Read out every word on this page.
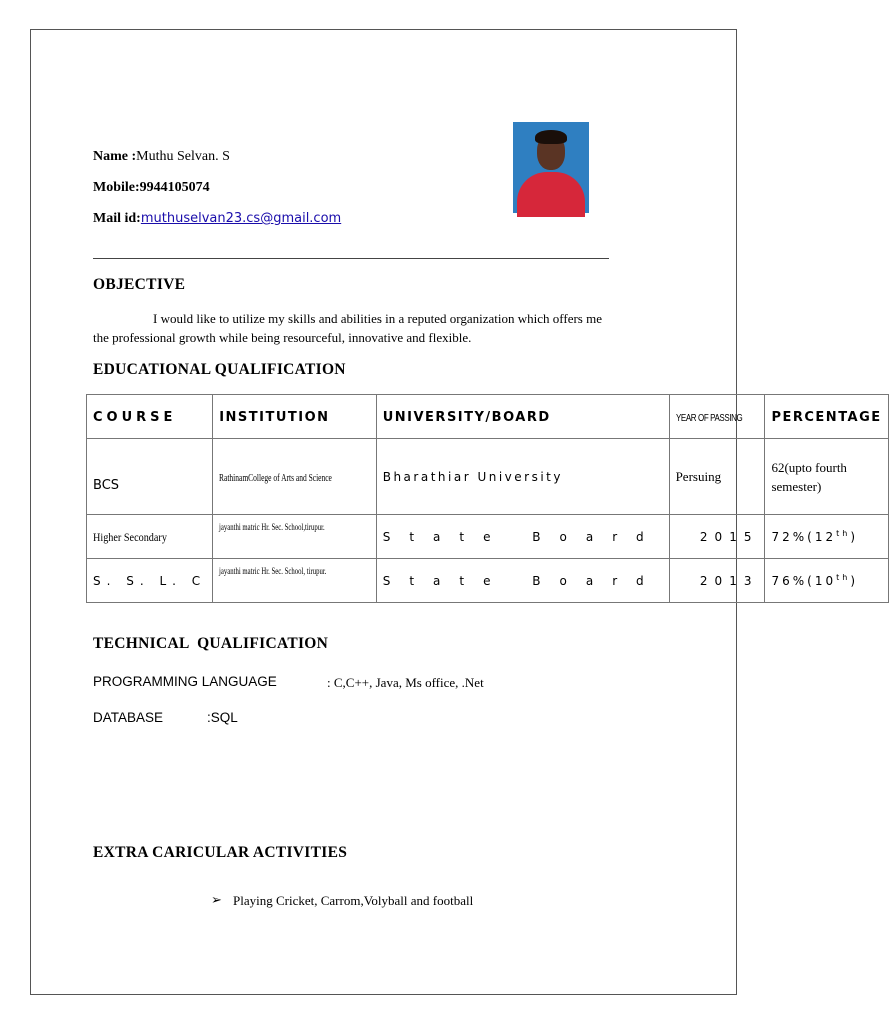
Name :Muthu Selvan. S
Mobile:9944105074
Mail id:muthuselvan23.cs@gmail.com
OBJECTIVE
I would like to utilize my skills and abilities in a reputed organization which offers me
the professional growth while being resourceful, innovative and flexible.
EDUCATIONAL QUALIFICATION
COURSE	INSTITUTION	UNIVERSITY/BOARD	YEAR OF PASSING	PERCENTAGE
BCS	RathinamCollege of Arts and Science	Bharathiar University	Persuing	62(upto fourth semester)

Higher Secondary	jayanthi matric Hr. Sec. School,tirupur.	State Board	2015	72%(12th)
S. S. L. C	jayanthi matric Hr. Sec. School, tirupur.	State Board	2013	76%(10th)
TECHNICAL  QUALIFICATION
PROGRAMMING LANGUAGE	: C,C++, Java, Ms office, .Net
DATABASE	:SQL
EXTRA CARICULAR ACTIVITIES
➢ Playing Cricket, Carrom,Volyball and football
